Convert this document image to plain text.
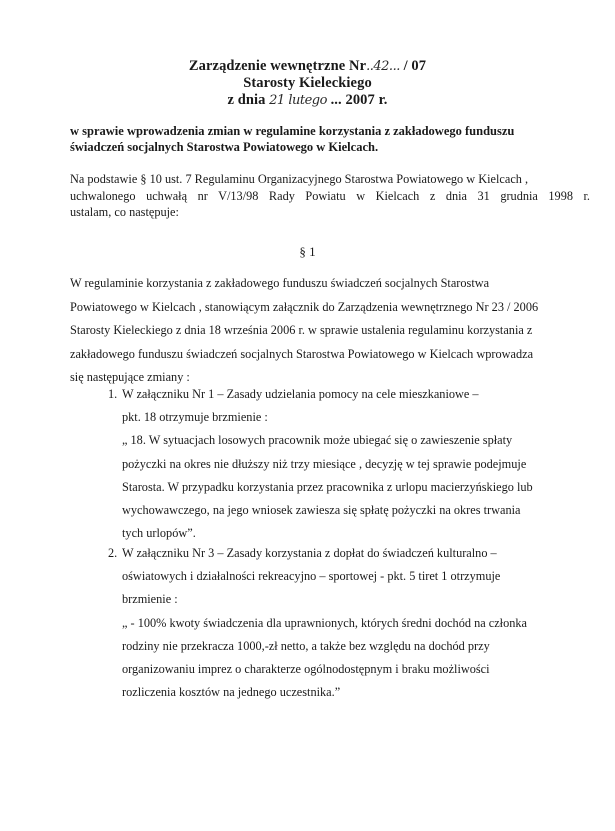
Zarządzenie wewnętrzne Nr..42... / 07
Starosty Kieleckiego
z dnia 21 lutego ... 2007 r.
w sprawie wprowadzenia zmian w regulamine korzystania z zakładowego funduszu
świadczeń socjalnych Starostwa Powiatowego w Kielcach.
Na podstawie § 10 ust. 7 Regulaminu Organizacyjnego Starostwa Powiatowego w Kielcach ,
uchwalonego uchwałą nr V/13/98 Rady Powiatu w Kielcach z dnia 31 grudnia 1998 r.
ustalam, co następuje:
§ 1
W regulaminie korzystania z zakładowego funduszu świadczeń socjalnych Starostwa
Powiatowego w Kielcach , stanowiącym załącznik do Zarządzenia wewnętrznego Nr 23 / 2006
Starosty Kieleckiego z dnia 18 września 2006 r. w sprawie ustalenia regulaminu korzystania z
zakładowego funduszu świadczeń socjalnych Starostwa Powiatowego w Kielcach wprowadza
się następujące zmiany :
1. W załączniku Nr 1 – Zasady udzielania pomocy na cele mieszkaniowe –
pkt. 18 otrzymuje brzmienie :
„ 18. W sytuacjach losowych pracownik może ubiegać się o zawieszenie spłaty
pożyczki na okres nie dłuższy niż trzy miesiące , decyzję w tej sprawie podejmuje
Starosta. W przypadku korzystania przez pracownika z urlopu macierzyńskiego lub
wychowawczego, na jego wniosek zawiesza się spłatę pożyczki na okres trwania
tych urlopów”.
2. W załączniku Nr 3 – Zasady korzystania z dopłat do świadczeń kulturalno –
oświatowych i działalności rekreacyjno – sportowej - pkt. 5 tiret 1 otrzymuje
brzmienie :
„ - 100% kwoty świadczenia dla uprawnionych, których średni dochód na członka
rodziny nie przekracza 1000,-zł netto, a także bez względu na dochód przy
organizowaniu imprez o charakterze ogólnodostępnym i braku możliwości
rozliczenia kosztów na jednego uczestnika.”
